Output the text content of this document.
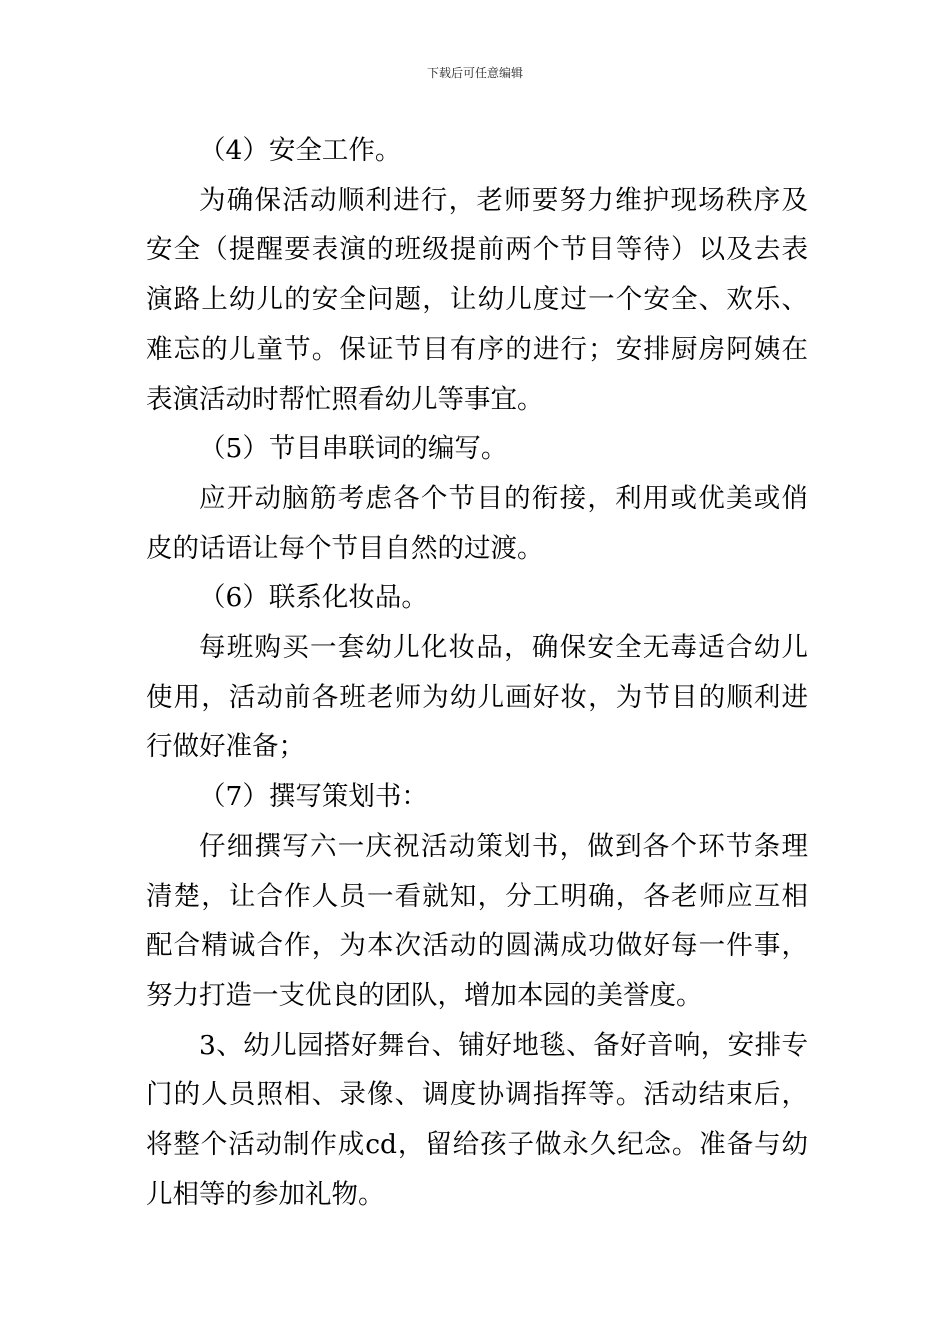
下载后可任意编辑

（4）安全工作。

为确保活动顺利进行，老师要努力维护现场秩序及安全（提醒要表演的班级提前两个节目等待）以及去表演路上幼儿的安全问题，让幼儿度过一个安全、欢乐、难忘的儿童节。保证节目有序的进行；安排厨房阿姨在表演活动时帮忙照看幼儿等事宜。

（5）节目串联词的编写。

应开动脑筋考虑各个节目的衔接，利用或优美或俏皮的话语让每个节目自然的过渡。

（6）联系化妆品。

每班购买一套幼儿化妆品，确保安全无毒适合幼儿使用，活动前各班老师为幼儿画好妆，为节目的顺利进行做好准备；

（7）撰写策划书：

仔细撰写六一庆祝活动策划书，做到各个环节条理清楚，让合作人员一看就知，分工明确，各老师应互相配合精诚合作，为本次活动的圆满成功做好每一件事，努力打造一支优良的团队，增加本园的美誉度。

3、幼儿园搭好舞台、铺好地毯、备好音响，安排专门的人员照相、录像、调度协调指挥等。活动结束后，将整个活动制作成cd，留给孩子做永久纪念。准备与幼儿相等的参加礼物。
